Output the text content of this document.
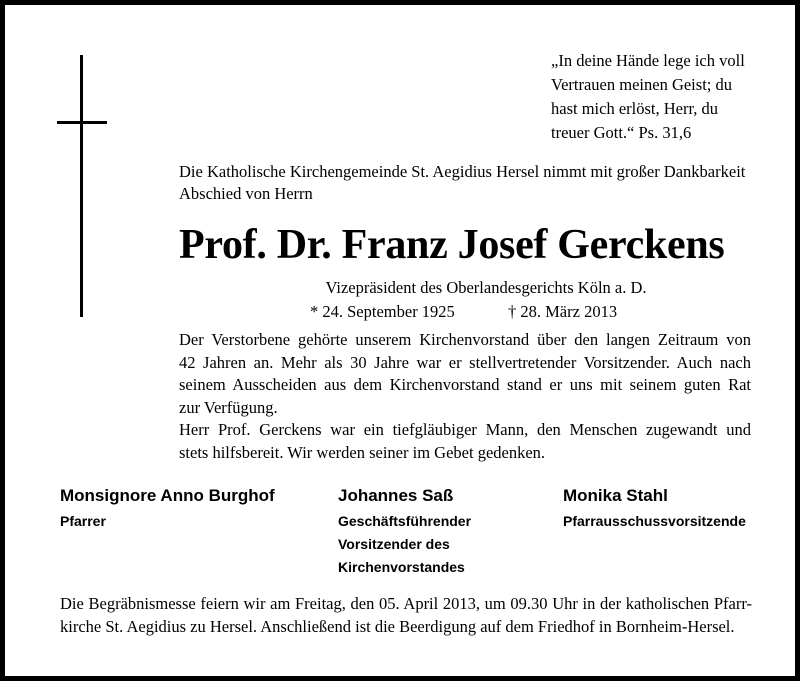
„In deine Hände lege ich voll
Vertrauen meinen Geist; du
hast mich erlöst, Herr, du
treuer Gott.“ Ps. 31,6
Die Katholische Kirchengemeinde St. Aegidius Hersel nimmt mit großer Dankbarkeit
Abschied von Herrn
Prof. Dr. Franz Josef Gerckens
Vizepräsident des Oberlandesgerichts Köln a. D.
* 24. September 1925	† 28. März 2013
Der Verstorbene gehörte unserem Kirchenvorstand über den langen Zeitraum von
42 Jahren an. Mehr als 30 Jahre war er stellvertretender Vorsitzender. Auch nach
seinem Ausscheiden aus dem Kirchenvorstand stand er uns mit seinem guten Rat
zur Verfügung.
Herr Prof. Gerckens war ein tiefgläubiger Mann, den Menschen zugewandt und
stets hilfsbereit. Wir werden seiner im Gebet gedenken.
Monsignore Anno Burghof
Pfarrer
Johannes Saß
Geschäftsführender
Vorsitzender des
Kirchenvorstandes
Monika Stahl
Pfarrausschussvorsitzende
Die Begräbnismesse feiern wir am Freitag, den 05. April 2013, um 09.30 Uhr in der katholischen Pfarr-
kirche St. Aegidius zu Hersel. Anschließend ist die Beerdigung auf dem Friedhof in Bornheim-Hersel.
